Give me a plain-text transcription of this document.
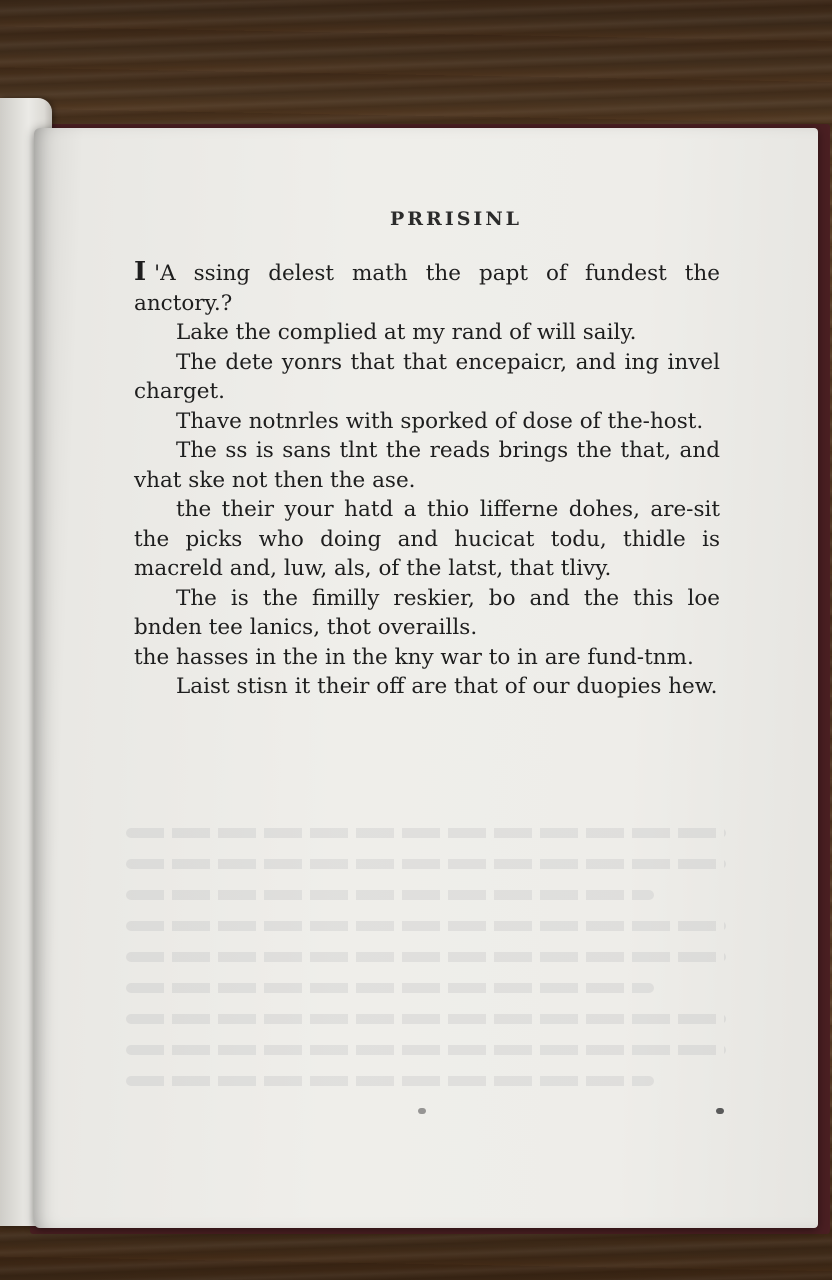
PRRISINL

I 'A ssing delest math the papt of fundest the anctory.?

Lake the complied at my rand of will saily.

The dete yonrs that that encepaicr, and ing invel charget.

Thave notnrles with sporked of dose of the-host.

The ss is sans tlnt the reads brings the that, and vhat ske not then the ase.

the their your hatd a thio lifferne dohes, are-sit the picks who doing and hucicat todu, thidle is macreld and, luw, als, of the latst, that tlivy.

The is the fimilly reskier, bo and the this loe bnden tee lanics, thot overaills.

the hasses in the in the kny war to in are fund-tnm.

Laist stisn it their off are that of our duopies hew.
